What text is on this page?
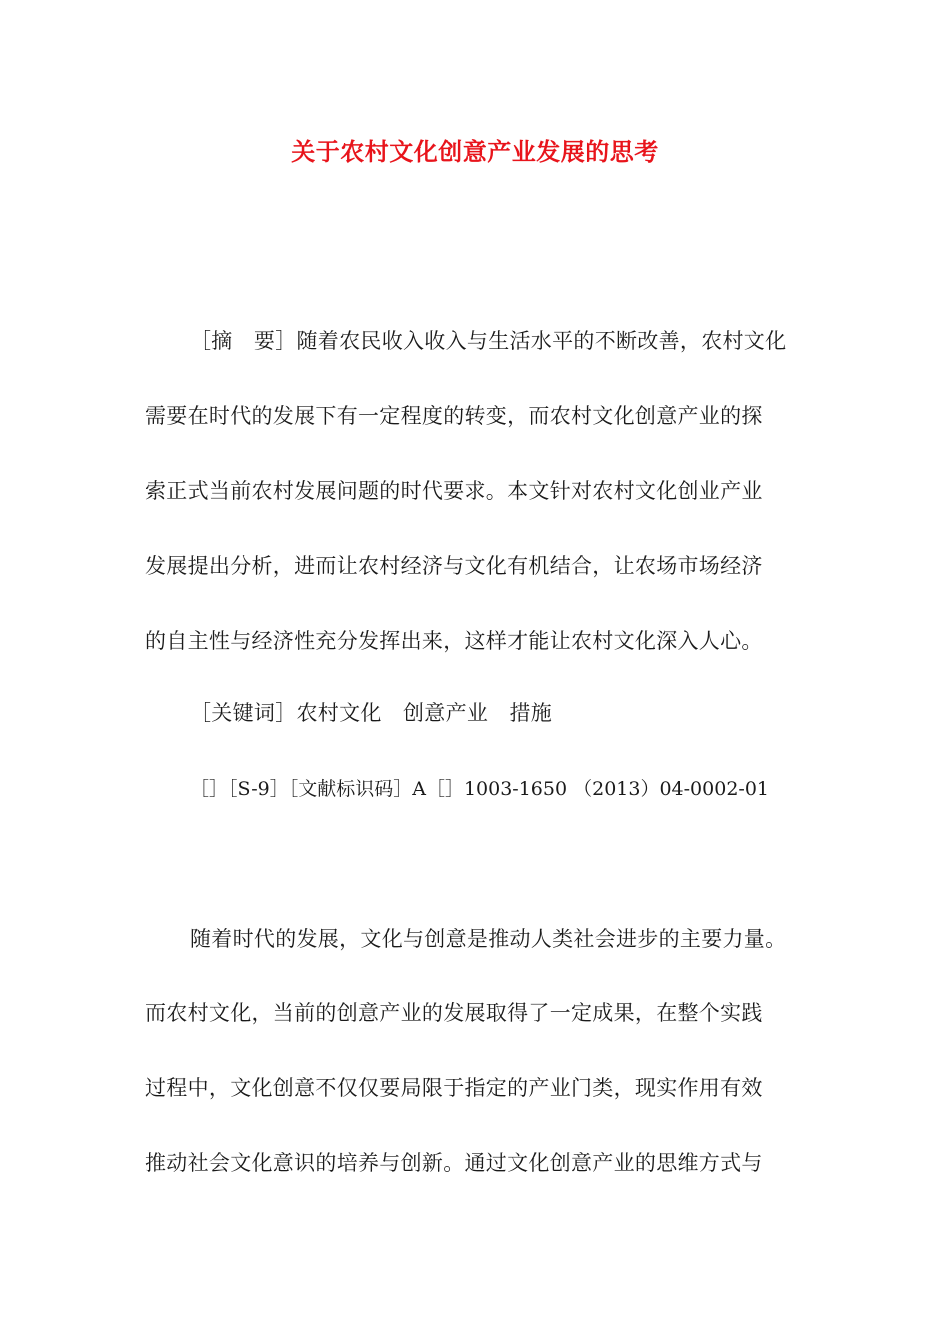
关于农村文化创意产业发展的思考
［摘　要］随着农民收入收入与生活水平的不断改善，农村文化
需要在时代的发展下有一定程度的转变，而农村文化创意产业的探
索正式当前农村发展问题的时代要求。本文针对农村文化创业产业
发展提出分析，进而让农村经济与文化有机结合，让农场市场经济
的自主性与经济性充分发挥出来，这样才能让农村文化深入人心。
［关键词］农村文化　创意产业　措施
［］［S-9］［文献标识码］A［］1003-1650 （2013）04-0002-01
随着时代的发展，文化与创意是推动人类社会进步的主要力量。
而农村文化，当前的创意产业的发展取得了一定成果，在整个实践
过程中，文化创意不仅仅要局限于指定的产业门类，现实作用有效
推动社会文化意识的培养与创新。通过文化创意产业的思维方式与
